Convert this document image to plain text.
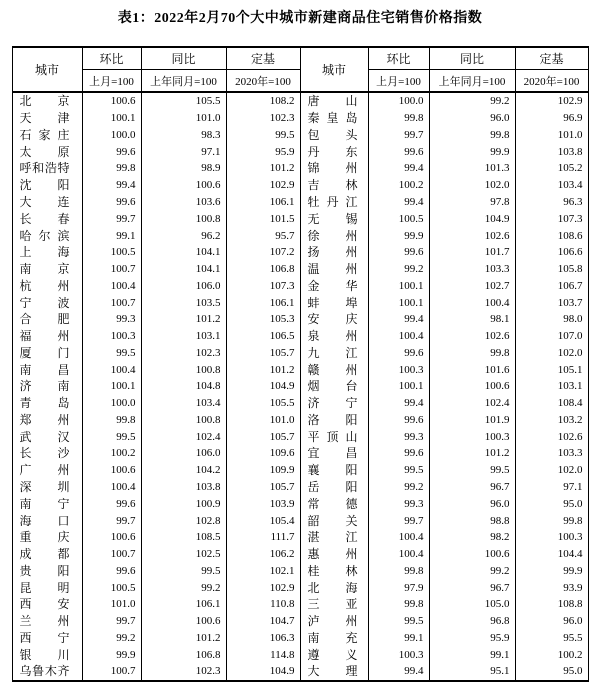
表1：2022年2月70个大中城市新建商品住宅销售价格指数
城市	环比	同比	定基	城市	环比	同比	定基
	上月=100	上年同月=100	2020年=100		上月=100	上年同月=100	2020年=100

北 京	100.6	105.5	108.2	唐 山	100.0	99.2	102.9

天 津	100.1	101.0	102.3	秦 皇 岛	99.8	96.0	96.9

石 家 庄	100.0	98.3	99.5	包 头	99.7	99.8	101.0

太 原	99.6	97.1	95.9	丹 东	99.6	99.9	103.8

呼 和 浩 特	99.8	98.9	101.2	锦 州	99.4	101.3	105.2

沈 阳	99.4	100.6	102.9	吉 林	100.2	102.0	103.4

大 连	99.6	103.6	106.1	牡 丹 江	99.4	97.8	96.3

长 春	99.7	100.8	101.5	无 锡	100.5	104.9	107.3

哈 尔 滨	99.1	96.2	95.7	徐 州	99.9	102.6	108.6

上 海	100.5	104.1	107.2	扬 州	99.6	101.7	106.6

南 京	100.7	104.1	106.8	温 州	99.2	103.3	105.8

杭 州	100.4	106.0	107.3	金 华	100.1	102.7	106.7

宁 波	100.7	103.5	106.1	蚌 埠	100.1	100.4	103.7

合 肥	99.3	101.2	105.3	安 庆	99.4	98.1	98.0

福 州	100.3	103.1	106.5	泉 州	100.4	102.6	107.0

厦 门	99.5	102.3	105.7	九 江	99.6	99.8	102.0

南 昌	100.4	100.8	101.2	赣 州	100.3	101.6	105.1

济 南	100.1	104.8	104.9	烟 台	100.1	100.6	103.1

青 岛	100.0	103.4	105.5	济 宁	99.4	102.4	108.4

郑 州	99.8	100.8	101.0	洛 阳	99.6	101.9	103.2

武 汉	99.5	102.4	105.7	平 顶 山	99.3	100.3	102.6

长 沙	100.2	106.0	109.6	宜 昌	99.6	101.2	103.3

广 州	100.6	104.2	109.9	襄 阳	99.5	99.5	102.0

深 圳	100.4	103.8	105.7	岳 阳	99.2	96.7	97.1

南 宁	99.6	100.9	103.9	常 德	99.3	96.0	95.0

海 口	99.7	102.8	105.4	韶 关	99.7	98.8	99.8

重 庆	100.6	108.5	111.7	湛 江	100.4	98.2	100.3

成 都	100.7	102.5	106.2	惠 州	100.4	100.6	104.4

贵 阳	99.6	99.5	102.1	桂 林	99.8	99.2	99.9

昆 明	100.5	99.2	102.9	北 海	97.9	96.7	93.9

西 安	101.0	106.1	110.8	三 亚	99.8	105.0	108.8

兰 州	99.7	100.6	104.7	泸 州	99.5	96.8	96.0

西 宁	99.2	101.2	106.3	南 充	99.1	95.9	95.5

银 川	99.9	106.8	114.8	遵 义	100.3	99.1	100.2

乌 鲁 木 齐	100.7	102.3	104.9	大 理	99.4	95.1	95.0
